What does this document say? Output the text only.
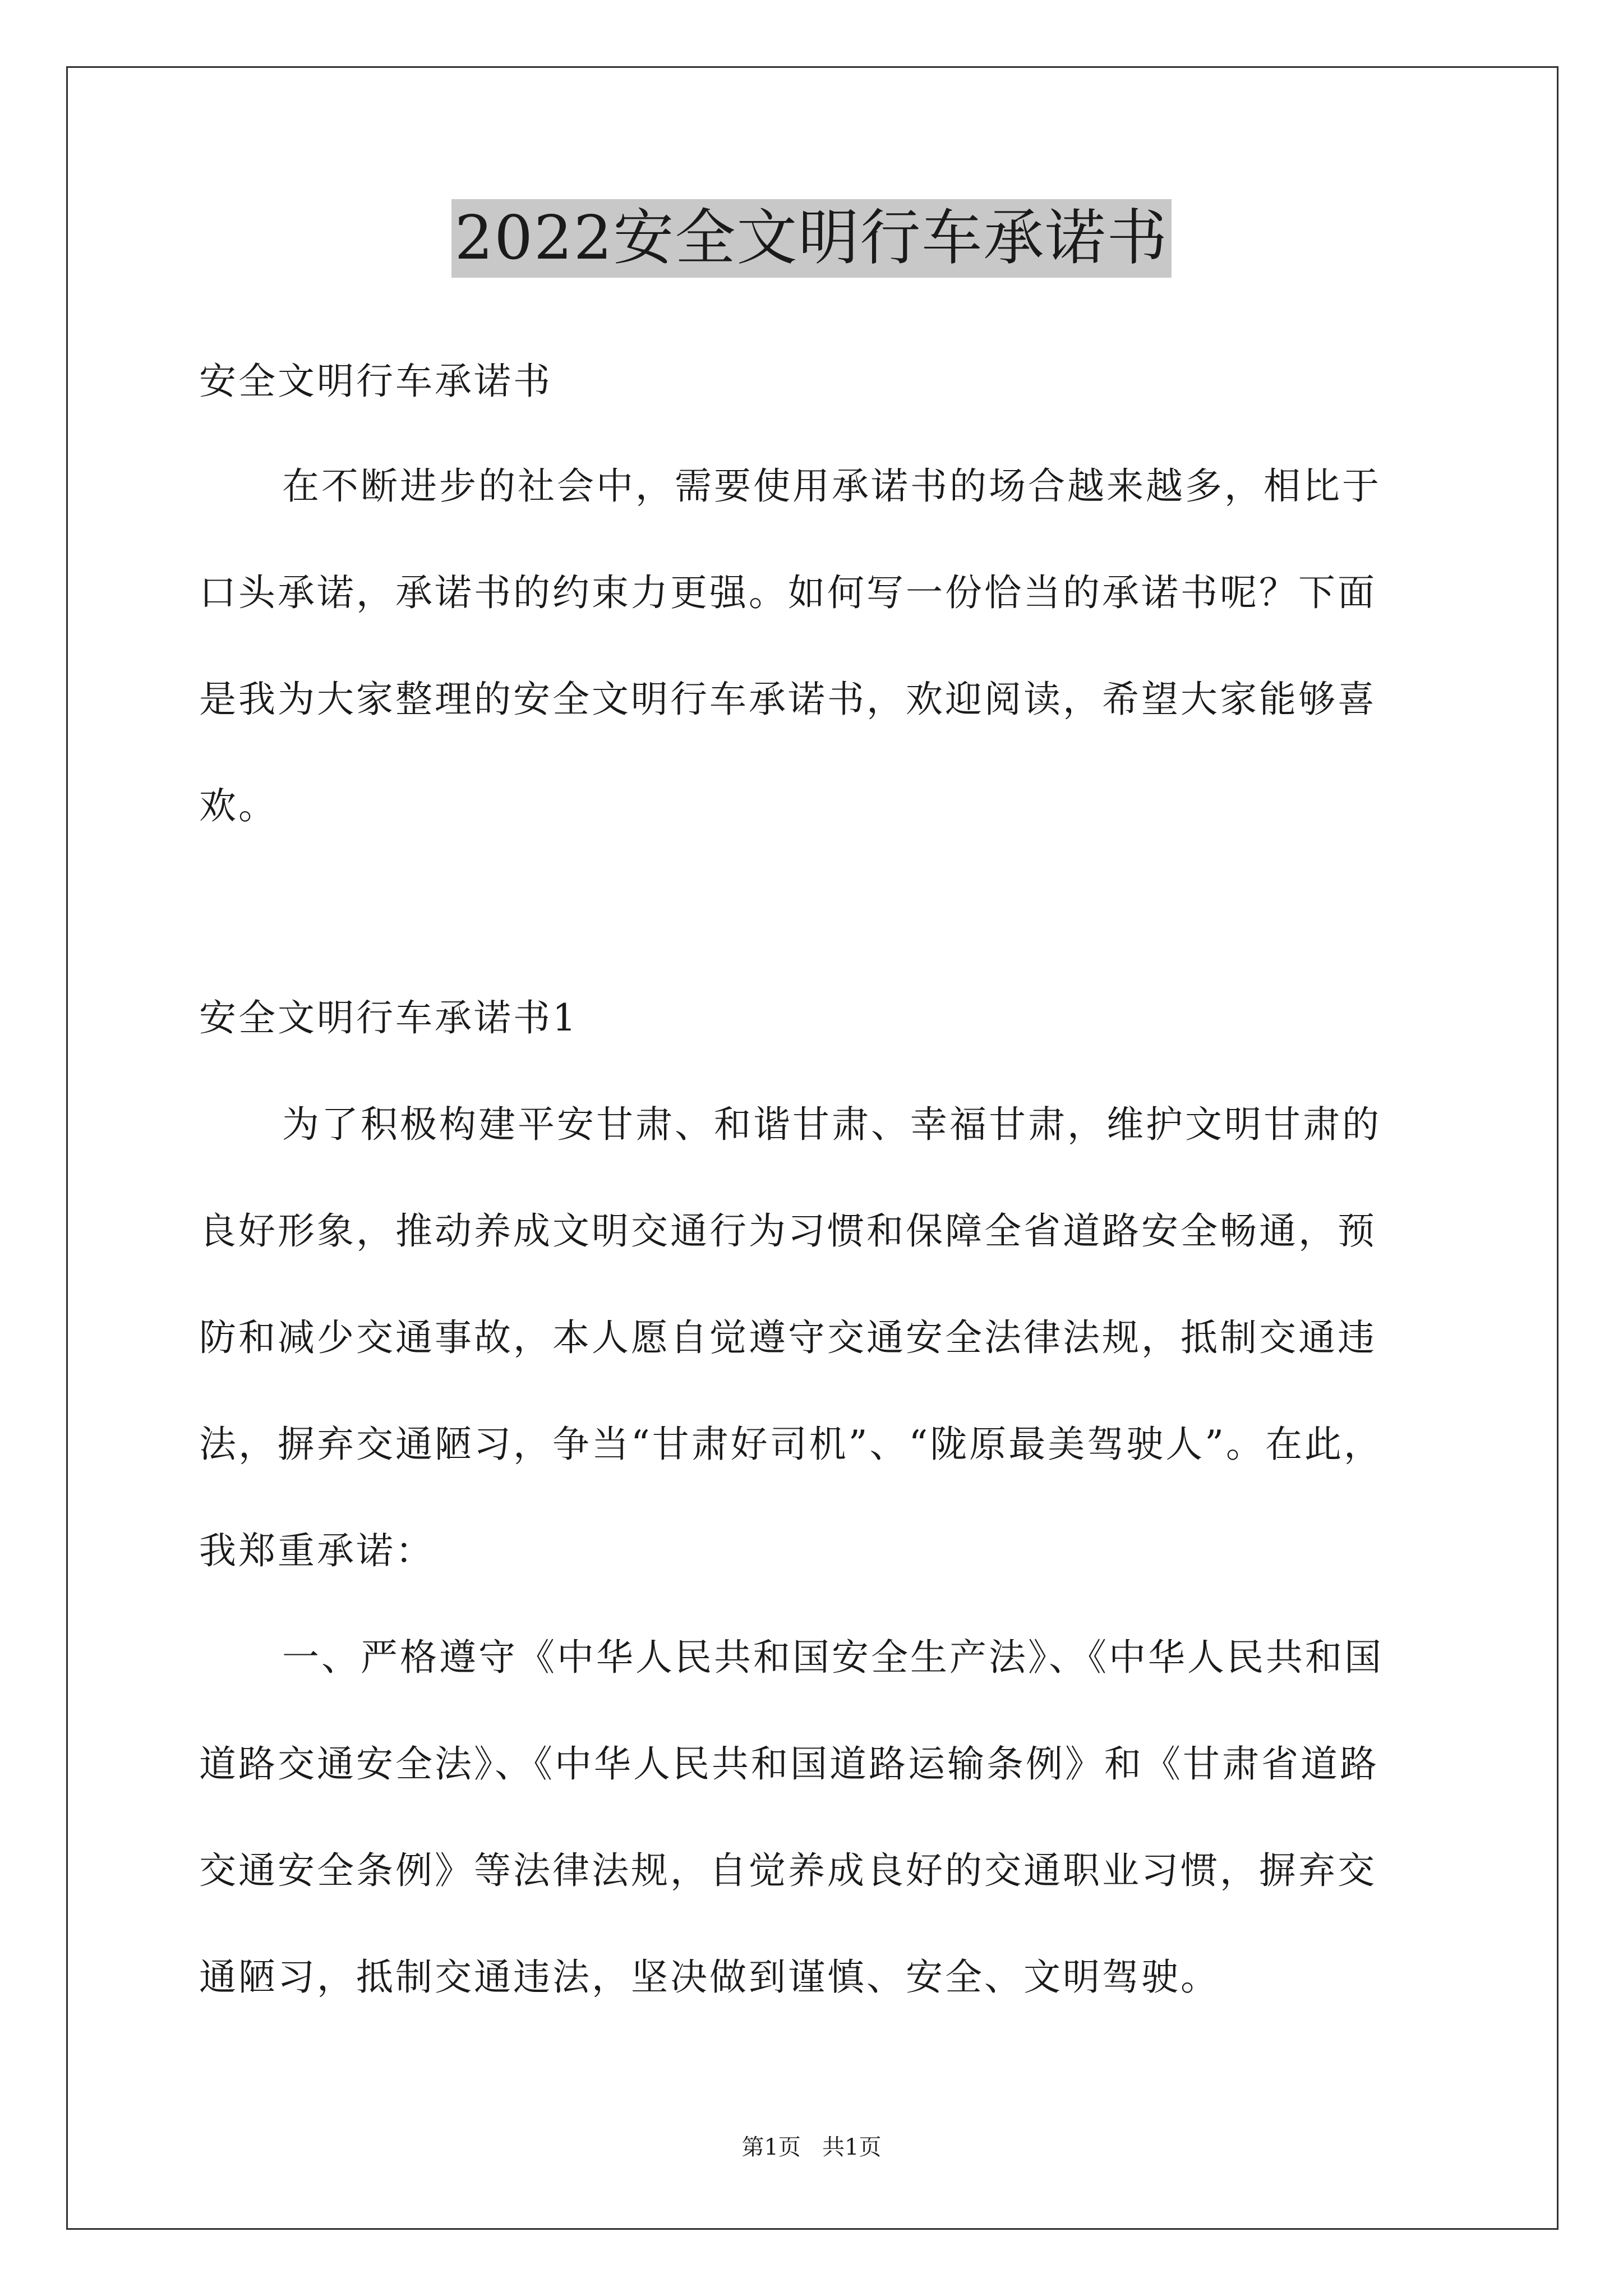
2022安全文明行车承诺书
安全文明行车承诺书
在不断进步的社会中，需要使用承诺书的场合越来越多，相比于
口头承诺，承诺书的约束力更强。如何写一份恰当的承诺书呢？下面
是我为大家整理的安全文明行车承诺书，欢迎阅读，希望大家能够喜
欢。
安全文明行车承诺书1
为了积极构建平安甘肃、和谐甘肃、幸福甘肃，维护文明甘肃的
良好形象，推动养成文明交通行为习惯和保障全省道路安全畅通，预
防和减少交通事故，本人愿自觉遵守交通安全法律法规，抵制交通违
法，摒弃交通陋习，争当“甘肃好司机”、“陇原最美驾驶人”。在此，
我郑重承诺：
一、严格遵守《中华人民共和国安全生产法》、《中华人民共和国
道路交通安全法》、《中华人民共和国道路运输条例》和《甘肃省道路
交通安全条例》等法律法规，自觉养成良好的交通职业习惯，摒弃交
通陋习，抵制交通违法，坚决做到谨慎、安全、文明驾驶。
第1页   共1页
